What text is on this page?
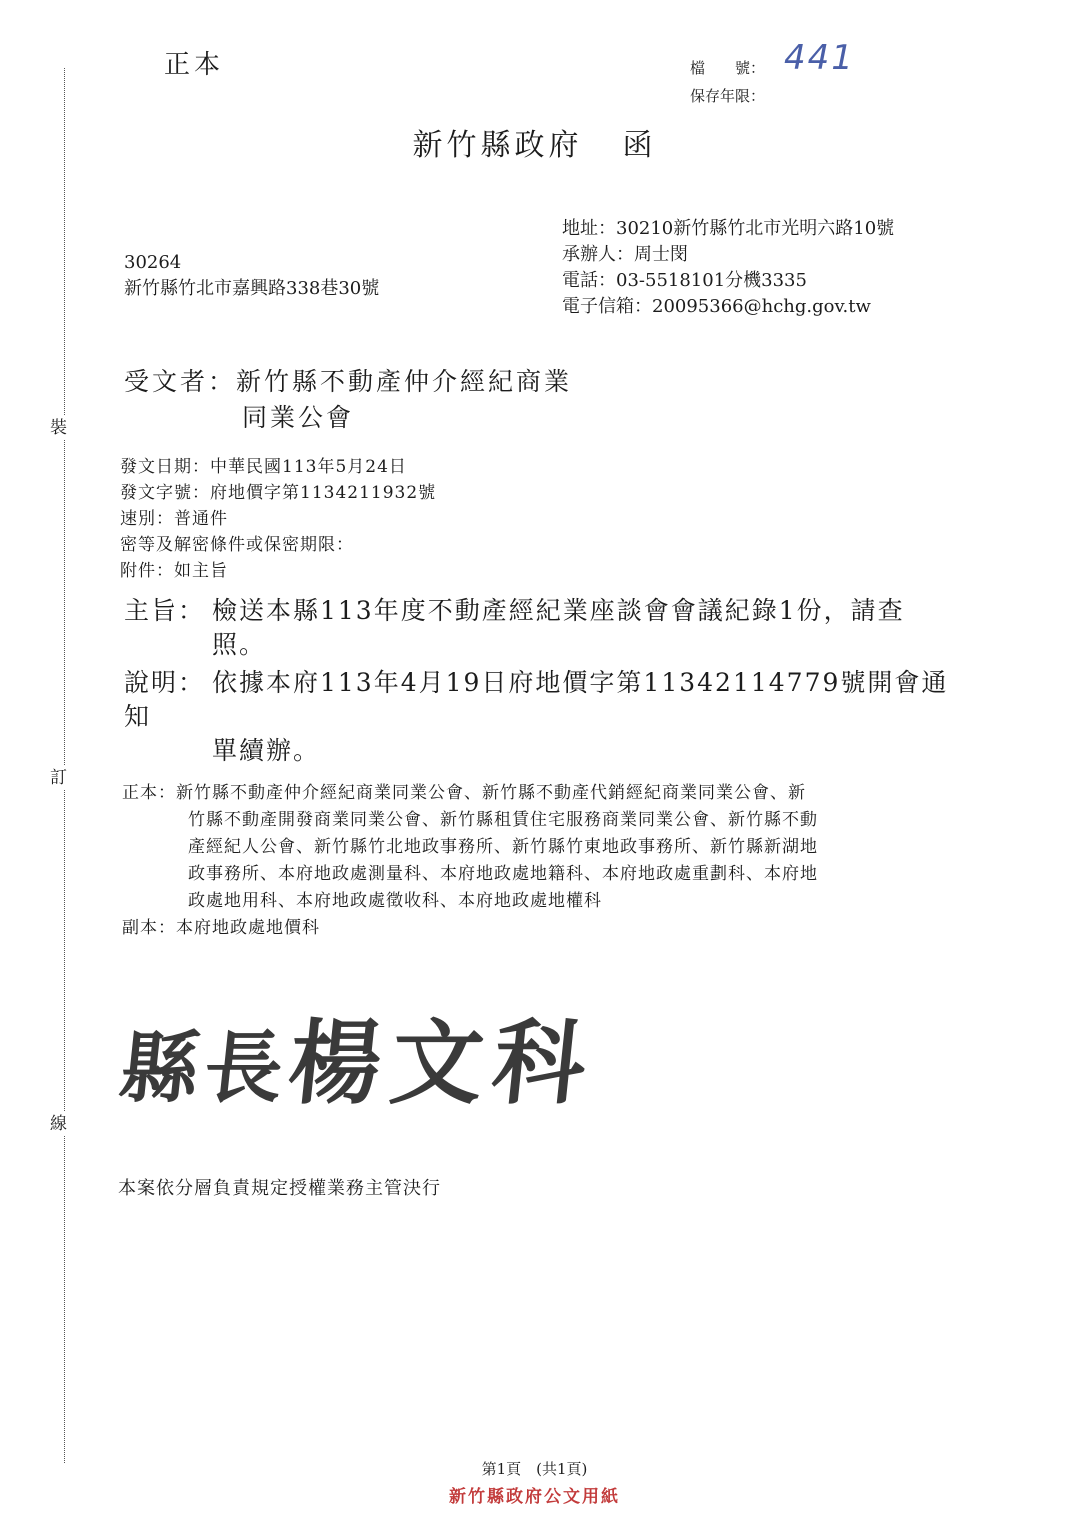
裝
訂
線
正本	檔　　號：
保存年限：
441
新竹縣政府 函
地址：30210新竹縣竹北市光明六路10號
承辦人：周士閔
電話：03-5518101分機3335
電子信箱：20095366@hchg.gov.tw
30264
新竹縣竹北市嘉興路338巷30號
受文者：新竹縣不動產仲介經紀商業
同業公會
發文日期：中華民國113年5月24日
發文字號：府地價字第1134211932號
速別：普通件
密等及解密條件或保密期限：
附件：如主旨
主旨： 檢送本縣113年度不動產經紀業座談會會議紀錄1份，請查
照。
說明： 依據本府113年4月19日府地價字第11342114779號開會通知
單續辦。
正本：新竹縣不動產仲介經紀商業同業公會、新竹縣不動產代銷經紀商業同業公會、新
竹縣不動產開發商業同業公會、新竹縣租賃住宅服務商業同業公會、新竹縣不動
產經紀人公會、新竹縣竹北地政事務所、新竹縣竹東地政事務所、新竹縣新湖地
政事務所、本府地政處測量科、本府地政處地籍科、本府地政處重劃科、本府地
政處地用科、本府地政處徵收科、本府地政處地權科
副本：本府地政處地價科
縣長楊文科
本案依分層負責規定授權業務主管決行
第1頁　(共1頁)
新竹縣政府公文用紙
